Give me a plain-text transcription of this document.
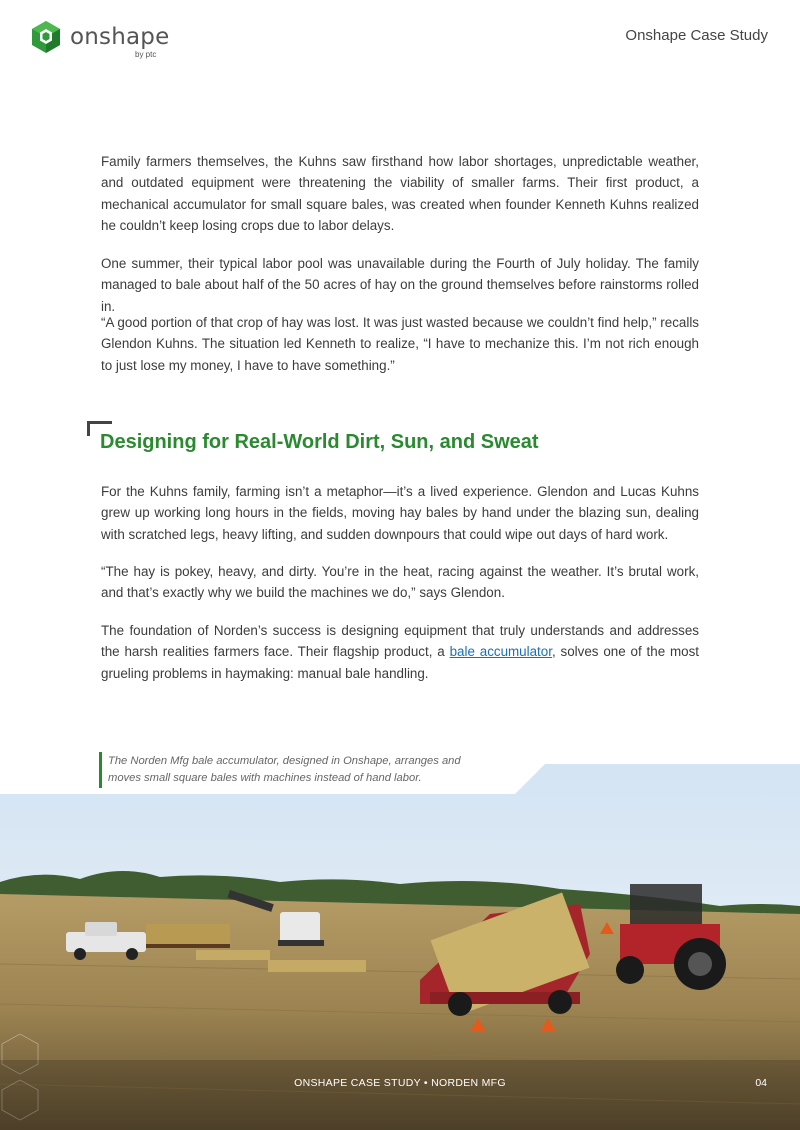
onshape
by ptc
Onshape Case Study

Family farmers themselves, the Kuhns saw firsthand how labor shortages, unpredictable weather, and outdated equipment were threatening the viability of smaller farms. Their first product, a mechanical accumulator for small square bales, was created when founder Kenneth Kuhns realized he couldn’t keep losing crops due to labor delays.

One summer, their typical labor pool was unavailable during the Fourth of July holiday. The family managed to bale about half of the 50 acres of hay on the ground themselves before rainstorms rolled in.

“A good portion of that crop of hay was lost. It was just wasted because we couldn’t find help,” recalls Glendon Kuhns. The situation led Kenneth to realize, “I have to mechanize this. I’m not rich enough to just lose my money, I have to have something.”

Designing for Real-World Dirt, Sun, and Sweat

For the Kuhns family, farming isn’t a metaphor—it’s a lived experience. Glendon and Lucas Kuhns grew up working long hours in the fields, moving hay bales by hand under the blazing sun, dealing with scratched legs, heavy lifting, and sudden downpours that could wipe out days of hard work.

“The hay is pokey, heavy, and dirty. You’re in the heat, racing against the weather. It’s brutal work, and that’s exactly why we build the machines we do,” says Glendon.

The foundation of Norden’s success is designing equipment that truly understands and addresses the harsh realities farmers face. Their flagship product, a bale accumulator, solves one of the most grueling problems in haymaking: manual bale handling.

The Norden Mfg bale accumulator, designed in Onshape, arranges and moves small square bales with machines instead of hand labor.
ONSHAPE CASE STUDY • NORDEN MFG	04
